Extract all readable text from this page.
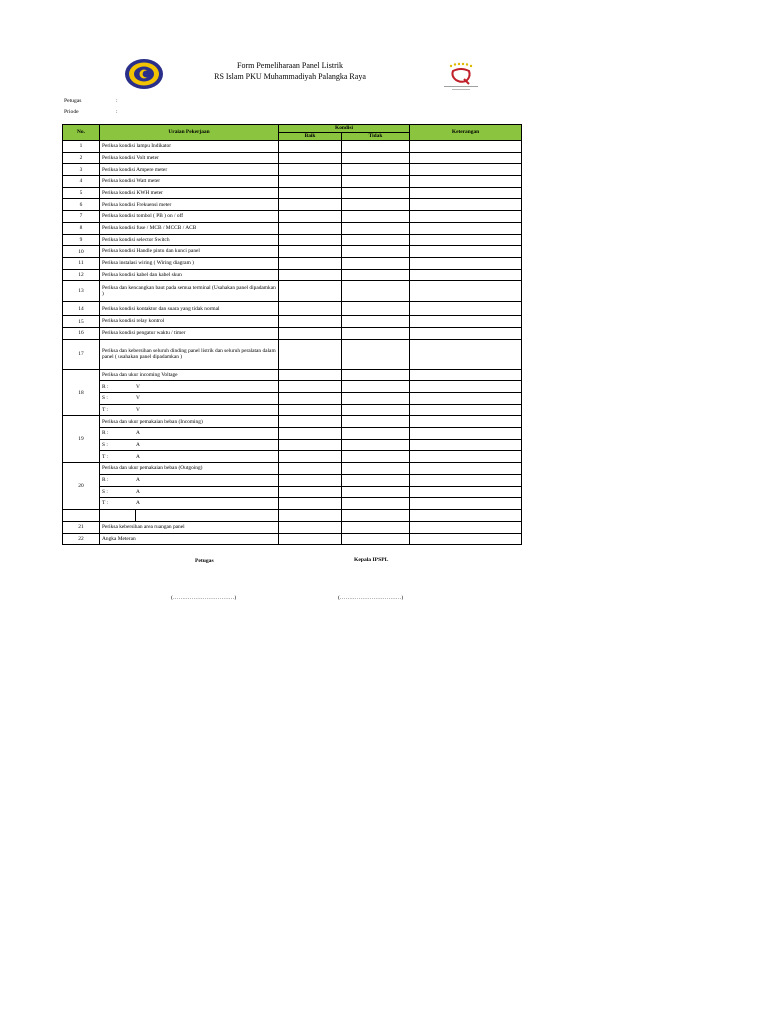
Form Pemeliharaan Panel Listrik
RS Islam PKU Muhammadiyah Palangka Raya
Petugas	:
Priode	:
No.	Uraian Pekerjaan		Kondisi		Keterangan
			Baik	Tidak	
1	Periksa kondisi lampu Indikator				
2	Periksa kondisi Volt meter				
3	Periksa kondisi Ampere meter				
4	Periksa kondisi Watt meter				
5	Periksa kondisi KWH meter				
6	Periksa kondisi Frekuensi meter				
7	Periksa kondisi tombol ( PB ) on / off				
8	Periksa kondisi fuse / MCB / MCCB / ACB				
9	Periksa kondisi selector Switch				
10	Periksa kondisi Handle pintu dan kunci panel				
11	Periksa instalasi wiring ( Wiring diagram )				
12	Periksa kondisi kabel dan kabel skun				
13	Periksa dan kencangkan baut pada semua terminal (Usahakan panel dipadamkan )				
14	Periksa kondisi kontaktor dan suara yang tidak normal				
15	Periksa kondisi relay kontrol				
16	Periksa kondisi pengatur waktu / timer				
17	Periksa dan kebersihan seluruh dinding panel listrik dan seluruh peralatan dalam panel ( usahakan panel dipadamkan )				
18	Periksa dan ukur incoming Voltage				
	R : V				
	S : V				
	T : V				
19	Periksa dan ukur pemakaian beban (Incoming)				
	R : A				
	S : A				
	T : A				
20	Periksa dan ukur pemakaian beban (Outgoing)				
	R : A				
	S : A				
	T : A				

21	Periksa kebersihan area ruangan panel				
22	Angka Meteran				
Petugas	Kepala IPSPL
(……………………………)	(……………………………)
